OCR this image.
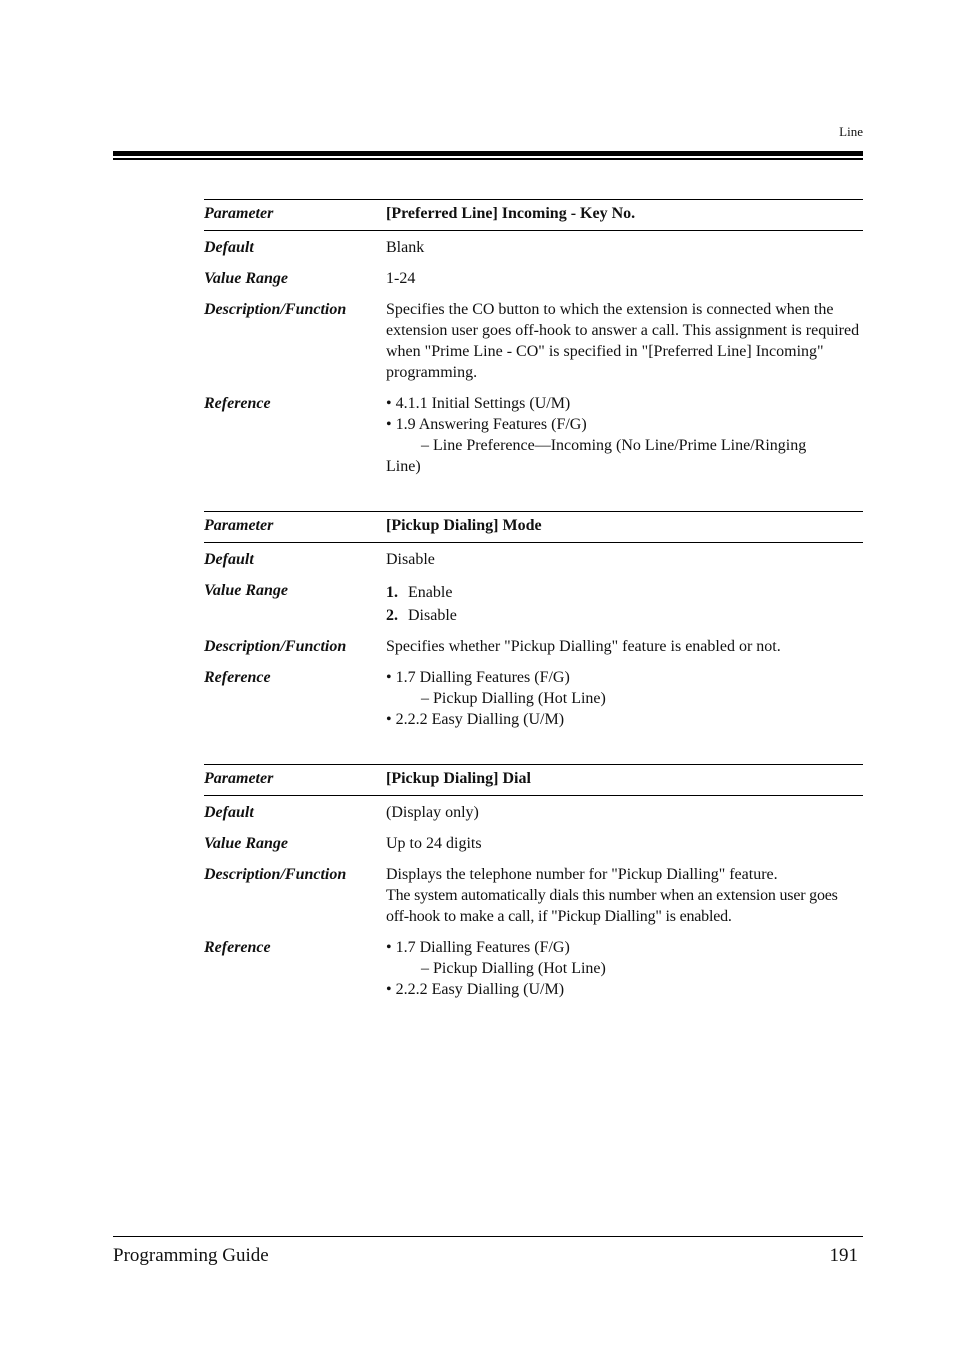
Line
Parameter	[Preferred Line] Incoming - Key No.
Default	Blank
Value Range	1-24
Description/Function	Specifies the CO button to which the extension is connected when the extension user goes off-hook to answer a call. This assignment is required when "Prime Line - CO" is specified in "[Preferred Line] Incoming" programming.
Reference	• 4.1.1 Initial Settings (U/M)
• 1.9 Answering Features (F/G)
– Line Preference—Incoming (No Line/Prime Line/Ringing
Line)
Parameter	[Pickup Dialing] Mode
Default	Disable
Value Range	1. Enable
2. Disable
Description/Function	Specifies whether "Pickup Dialling" feature is enabled or not.
Reference	• 1.7 Dialling Features (F/G)
– Pickup Dialling (Hot Line)
• 2.2.2 Easy Dialling (U/M)
Parameter	[Pickup Dialing] Dial
Default	(Display only)
Value Range	Up to 24 digits
Description/Function	Displays the telephone number for "Pickup Dialling" feature.
The system automatically dials this number when an extension user goes off-hook to make a call, if "Pickup Dialling" is enabled.
Reference	• 1.7 Dialling Features (F/G)
– Pickup Dialling (Hot Line)
• 2.2.2 Easy Dialling (U/M)
Programming Guide	191
